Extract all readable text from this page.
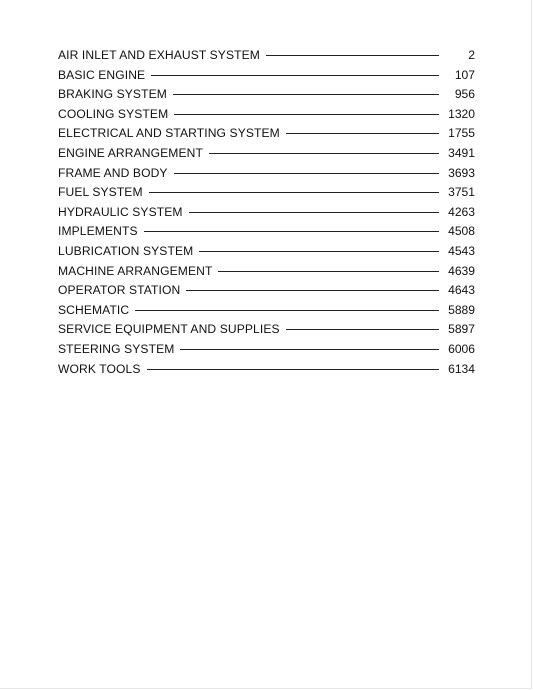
AIR INLET AND EXHAUST SYSTEM	2
BASIC ENGINE	107
BRAKING SYSTEM	956
COOLING SYSTEM	1320
ELECTRICAL AND STARTING SYSTEM	1755
ENGINE ARRANGEMENT	3491
FRAME AND BODY	3693
FUEL SYSTEM	3751
HYDRAULIC SYSTEM	4263
IMPLEMENTS	4508
LUBRICATION SYSTEM	4543
MACHINE ARRANGEMENT	4639
OPERATOR STATION	4643
SCHEMATIC	5889
SERVICE EQUIPMENT AND SUPPLIES	5897
STEERING SYSTEM	6006
WORK TOOLS	6134
